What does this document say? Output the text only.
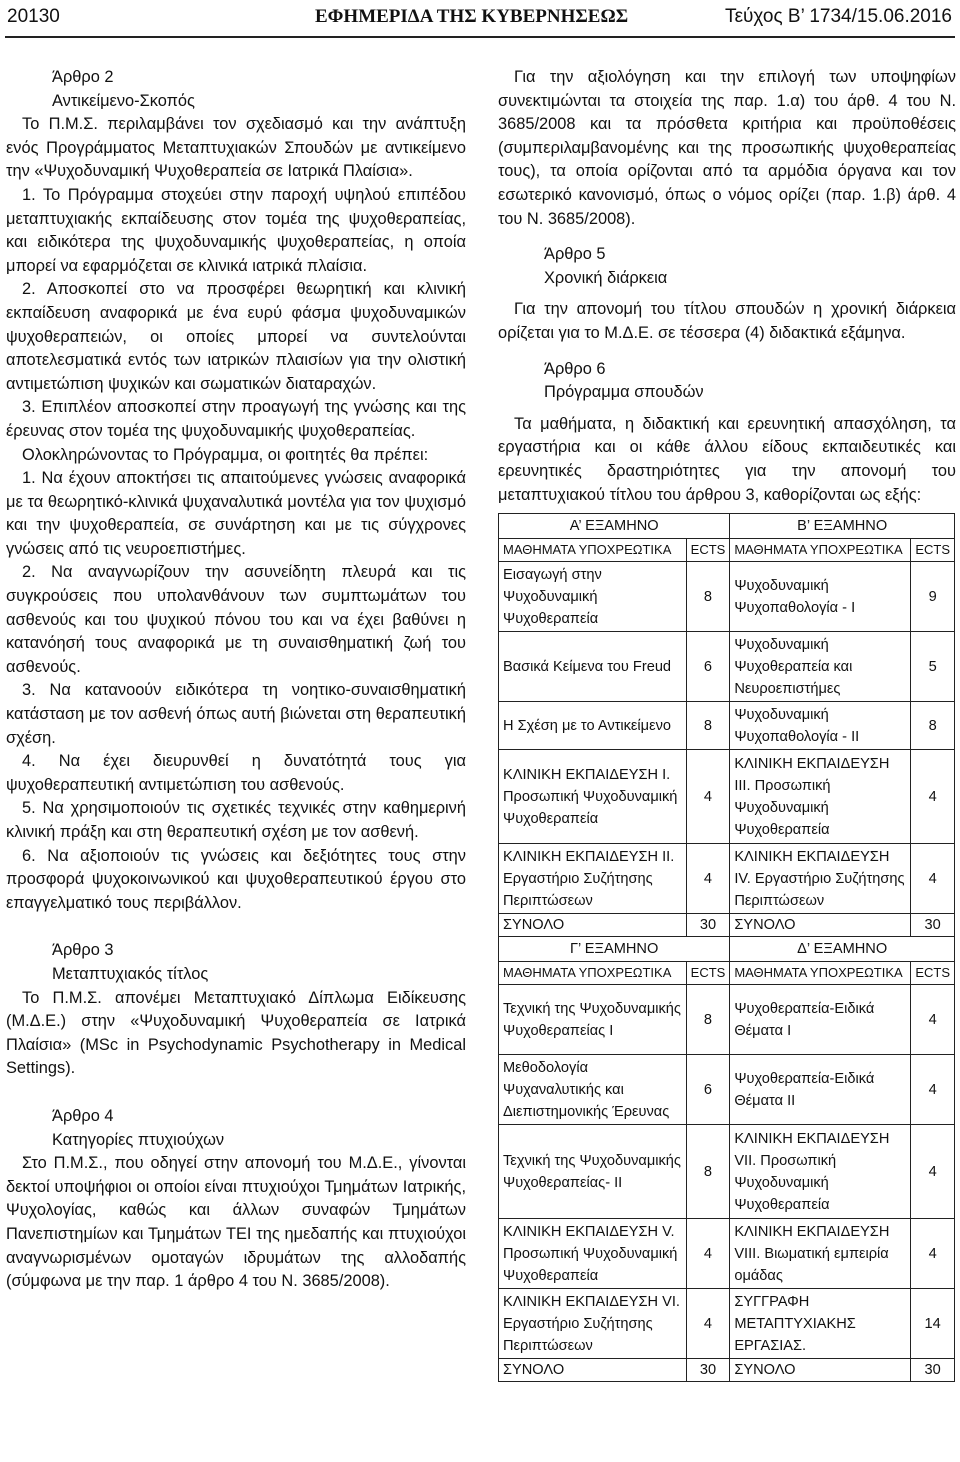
20130	ΕΦΗΜΕΡΙΔΑ ΤΗΣ ΚΥΒΕΡΝΗΣΕΩΣ	Τεύχος Β’ 1734/15.06.2016

Άρθρο 2

Αντικείμενο-Σκοπός

Το Π.Μ.Σ. περιλαμβάνει τον σχεδιασμό και την ανάπτυξη ενός Προγράμματος Μεταπτυχιακών Σπουδών με αντικείμενο την «Ψυχοδυναμική Ψυχοθεραπεία σε Ιατρικά Πλαίσια».

1. Το Πρόγραμμα στοχεύει στην παροχή υψηλού επιπέδου μεταπτυχιακής εκπαίδευσης στον τομέα της ψυχοθεραπείας, και ειδικότερα της ψυχοδυναμικής ψυχοθεραπείας, η οποία μπορεί να εφαρμόζεται σε κλινικά ιατρικά πλαίσια.

2. Αποσκοπεί στο να προσφέρει θεωρητική και κλινική εκπαίδευση αναφορικά με ένα ευρύ φάσμα ψυχοδυναμικών ψυχοθεραπειών, οι οποίες μπορεί να συντελούνται αποτελεσματικά εντός των ιατρικών πλαισίων για την ολιστική αντιμετώπιση ψυχικών και σωματικών διαταραχών.

3. Επιπλέον αποσκοπεί στην προαγωγή της γνώσης και της έρευνας στον τομέα της ψυχοδυναμικής ψυχοθεραπείας.

Ολοκληρώνοντας το Πρόγραμμα, οι φοιτητές θα πρέπει:

1. Να έχουν αποκτήσει τις απαιτούμενες γνώσεις αναφορικά με τα θεωρητικό-κλινικά ψυχαναλυτικά μοντέλα για τον ψυχισμό και την ψυχοθεραπεία, σε συνάρτηση και με τις σύγχρονες γνώσεις από τις νευροεπιστήμες.

2. Να αναγνωρίζουν την ασυνείδητη πλευρά και τις συγκρούσεις που υπολανθάνουν των συμπτωμάτων του ασθενούς και του ψυχικού πόνου του και να έχει βαθύνει η κατανόησή τους αναφορικά με τη συναισθηματική ζωή του ασθενούς.

3. Να κατανοούν ειδικότερα τη νοητικο-συναισθηματική κατάσταση με τον ασθενή όπως αυτή βιώνεται στη θεραπευτική σχέση.

4. Να έχει διευρυνθεί η δυνατότητά τους για ψυχοθεραπευτική αντιμετώπιση του ασθενούς.

5. Να χρησιμοποιούν τις σχετικές τεχνικές στην καθημερινή κλινική πράξη και στη θεραπευτική σχέση με τον ασθενή.

6. Να αξιοποιούν τις γνώσεις και δεξιότητες τους στην προσφορά ψυχοκοινωνικού και ψυχοθεραπευτικού έργου στο επαγγελματικό τους περιβάλλον.

Άρθρο 3

Μεταπτυχιακός τίτλος

Το Π.Μ.Σ. απονέμει Μεταπτυχιακό Δίπλωμα Ειδίκευσης (Μ.Δ.Ε.) στην «Ψυχοδυναμική Ψυχοθεραπεία σε Ιατρικά Πλαίσια» (MSc in Psychodynamic Psychotherapy in Medical Settings).

Άρθρο 4

Κατηγορίες πτυχιούχων

Στο Π.Μ.Σ., που οδηγεί στην απονομή του Μ.Δ.Ε., γίνονται δεκτοί υποψήφιοι οι οποίοι είναι πτυχιούχοι Τμημάτων Ιατρικής, Ψυχολογίας, καθώς και άλλων συναφών Τμημάτων Πανεπιστημίων και Τμημάτων ΤΕΙ της ημεδαπής και πτυχιούχοι αναγνωρισμένων ομοταγών ιδρυμάτων της αλλοδαπής (σύμφωνα με την παρ. 1 άρθρο 4 του Ν. 3685/2008).

Για την αξιολόγηση και την επιλογή των υποψηφίων συνεκτιμώνται τα στοιχεία της παρ. 1.α) του άρθ. 4 του Ν. 3685/2008 και τα πρόσθετα κριτήρια και προϋποθέσεις (συμπεριλαμβανομένης και της προσωπικής ψυχοθεραπείας τους), τα οποία ορίζονται από τα αρμόδια όργανα και τον εσωτερικό κανονισμό, όπως ο νόμος ορίζει (παρ. 1.β) άρθ. 4 του Ν. 3685/2008).

Άρθρο 5

Χρονική διάρκεια

Για την απονομή του τίτλου σπουδών η χρονική διάρκεια ορίζεται για το Μ.Δ.Ε. σε τέσσερα (4) διδακτικά εξάμηνα.

Άρθρο 6

Πρόγραμμα σπουδών

Τα μαθήματα, η διδακτική και ερευνητική απασχόληση, τα εργαστήρια και οι κάθε άλλου είδους εκπαιδευτικές και ερευνητικές δραστηριότητες για την απονομή του μεταπτυχιακού τίτλου του άρθρου 3, καθορίζονται ως εξής:

Α’ ΕΞΑΜΗΝΟ		Β’ ΕΞΑΜΗΝΟ	
ΜΑΘΗΜΑΤΑ ΥΠΟΧΡΕΩΤΙΚΑ	ECTS	ΜΑΘΗΜΑΤΑ ΥΠΟΧΡΕΩΤΙΚΑ	ECTS
Εισαγωγή στην Ψυχοδυναμική Ψυχοθεραπεία	8	Ψυχοδυναμική Ψυχοπαθολογία - Ι	9
Βασικά Κείμενα του Freud	6	Ψυχοδυναμική Ψυχοθεραπεία και Νευροεπιστήμες	5
Η Σχέση με το Αντικείμενο	8	Ψυχοδυναμική Ψυχοπαθολογία - ΙΙ	8
ΚΛΙΝΙΚΗ ΕΚΠΑΙΔΕΥΣΗ Ι. Προσωπική Ψυχοδυναμική Ψυχοθεραπεία	4	ΚΛΙΝΙΚΗ ΕΚΠΑΙΔΕΥΣΗ ΙΙΙ. Προσωπική Ψυχοδυναμική Ψυχοθεραπεία	4
ΚΛΙΝΙΚΗ ΕΚΠΑΙΔΕΥΣΗ ΙΙ. Εργαστήριο Συζήτησης Περιπτώσεων	4	ΚΛΙΝΙΚΗ ΕΚΠΑΙΔΕΥΣΗ ΙV. Εργαστήριο Συζήτησης Περιπτώσεων	4
ΣΥΝΟΛΟ	30	ΣΥΝΟΛΟ	30
Γ’ ΕΞΑΜΗΝΟ		Δ’ ΕΞΑΜΗΝΟ	
ΜΑΘΗΜΑΤΑ ΥΠΟΧΡΕΩΤΙΚΑ	ECTS	ΜΑΘΗΜΑΤΑ ΥΠΟΧΡΕΩΤΙΚΑ	ECTS
Τεχνική της Ψυχοδυναμικής Ψυχοθεραπείας Ι	8	Ψυχοθεραπεία-Ειδικά Θέματα Ι	4
Μεθοδολογία Ψυχαναλυτικής και Διεπιστημονικής Έρευνας	6	Ψυχοθεραπεία-Ειδικά Θέματα ΙΙ	4
Τεχνική της Ψυχοδυναμικής Ψυχοθεραπείας- ΙΙ	8	ΚΛΙΝΙΚΗ ΕΚΠΑΙΔΕΥΣΗ VII. Προσωπική Ψυχοδυναμική Ψυχοθεραπεία	4
ΚΛΙΝΙΚΗ ΕΚΠΑΙΔΕΥΣΗ V. Προσωπική Ψυχοδυναμική Ψυχοθεραπεία	4	ΚΛΙΝΙΚΗ ΕΚΠΑΙΔΕΥΣΗ VIII. Βιωματική εμπειρία ομάδας	4
ΚΛΙΝΙΚΗ ΕΚΠΑΙΔΕΥΣΗ VI. Εργαστήριο Συζήτησης Περιπτώσεων	4	ΣΥΓΓΡΑΦΗ ΜΕΤΑΠΤΥΧΙΑΚΗΣ ΕΡΓΑΣΙΑΣ.	14
ΣΥΝΟΛΟ	30	ΣΥΝΟΛΟ	30
